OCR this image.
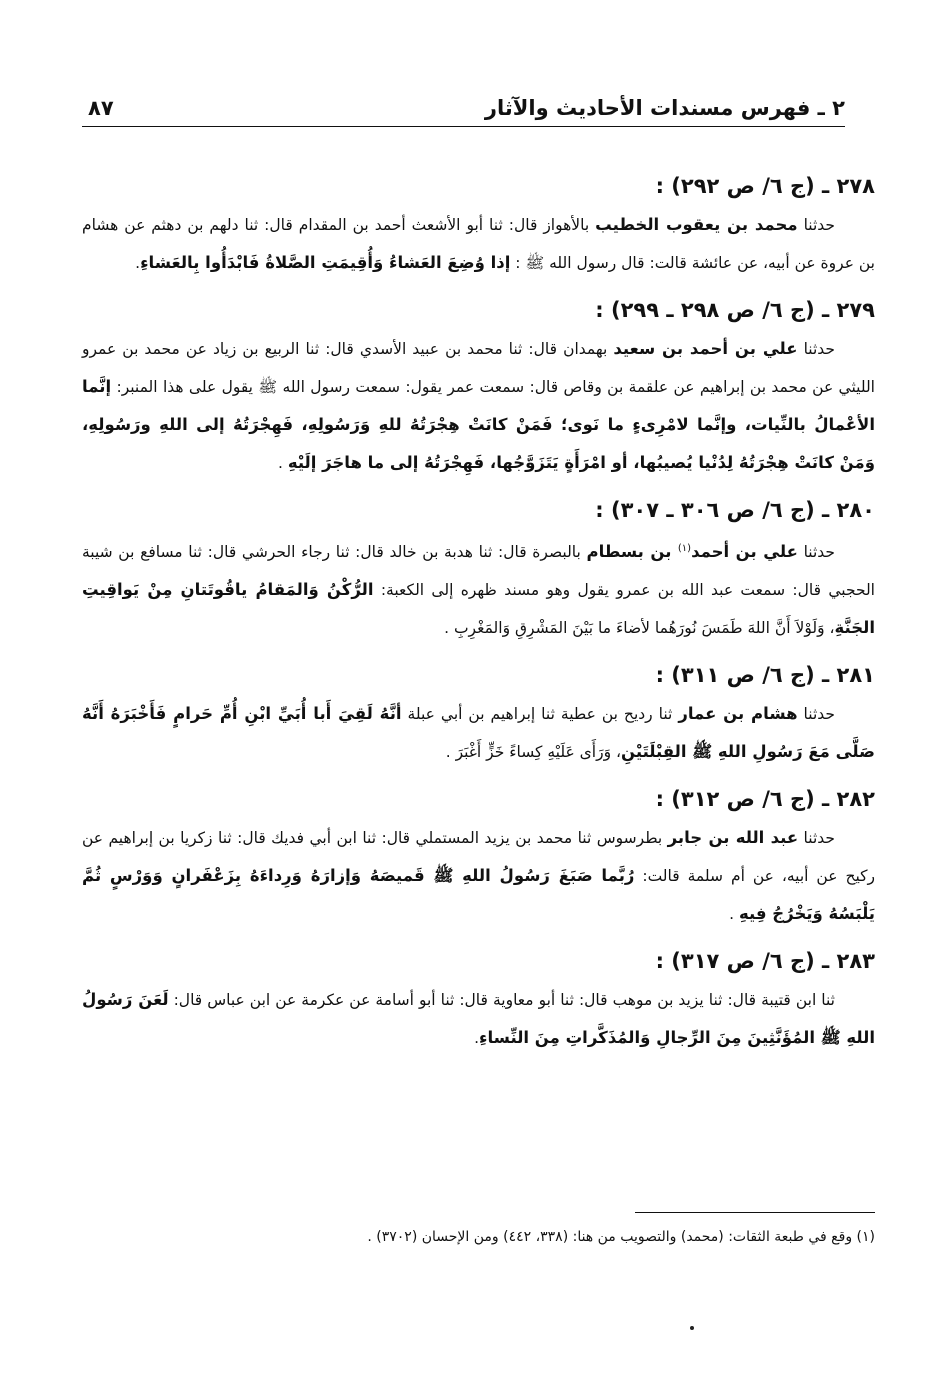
٢ ـ فهرس مسندات الأحاديث والآثار
٨٧

٢٧٨ ـ (ج ٦/ ص ٢٩٢) :

حدثنا محمد بن يعقوب الخطيب بالأهواز قال: ثنا أبو الأشعث أحمد بن المقدام قال: ثنا دلهم بن دهثم عن هشام بن عروة عن أبيه، عن عائشة قالت: قال رسول الله ﷺ : إذا وُضِعَ العَشاءُ وَأُقِيمَتِ الصَّلاةُ فَابْدَأُوا بِالعَشاءِ.

٢٧٩ ـ (ج ٦/ ص ٢٩٨ ـ ٢٩٩) :

حدثنا علي بن أحمد بن سعيد بهمدان قال: ثنا محمد بن عبيد الأسدي قال: ثنا الربيع بن زياد عن محمد بن عمرو الليثي عن محمد بن إبراهيم عن علقمة بن وقاص قال: سمعت عمر يقول: سمعت رسول الله ﷺ يقول على هذا المنبر: إنَّما الأعْمالُ بالنِّيات، وإنَّما لامْرِىءٍ ما نَوى؛ فَمَنْ كانَتْ هِجْرَتُهُ للهِ وَرَسُولِهِ، فَهِجْرَتُهُ إلى اللهِ ورَسُولِهِ، وَمَنْ كانَتْ هِجْرَتُهُ لِدُنْيا يُصيبُها، أو امْرَأَةٍ يَتَزَوَّجُها، فَهِجْرَتُهُ إلى ما هاجَرَ إلَيْهِ .

٢٨٠ ـ (ج ٦/ ص ٣٠٦ ـ ٣٠٧) :

حدثنا علي بن أحمد$^{(١)}$ بن بسطام بالبصرة قال: ثنا هدبة بن خالد قال: ثنا رجاء الحرشي قال: ثنا مسافع بن شيبة الحجبي قال: سمعت عبد الله بن عمرو يقول وهو مسند ظهره إلى الكعبة: الرُّكْنُ وَالمَقامُ ياقُوتَتانِ مِنْ يَواقِيتِ الجَنَّةِ، وَلَوْلاَ أَنَّ اللهَ طَمَسَ نُورَهُما لأضاءَ ما بَيْنَ المَشْرِقِ وَالمَغْرِبِ .

٢٨١ ـ (ج ٦/ ص ٣١١) :

حدثنا هشام بن عمار ثنا رديح بن عطية ثنا إبراهيم بن أبي عبلة أنَّهُ لَقِيَ أَبا أُبَيِّ ابْنِ أُمِّ حَرامٍ فَأَخْبَرَهُ أَنَّهُ صَلَّى مَعَ رَسُولِ اللهِ ﷺ القِبْلَتَيْنِ، وَرَأَى عَلَيْهِ كِساءً خَزٍّ أَغْبَرَ .

٢٨٢ ـ (ج ٦/ ص ٣١٢) :

حدثنا عبد الله بن جابر بطرسوس ثنا محمد بن يزيد المستملي قال: ثنا ابن أبي فديك قال: ثنا زكريا بن إبراهيم عن ركيح عن أبيه، عن أم سلمة قالت: رُبَّما صَبَغَ رَسُولُ اللهِ ﷺ قَميصَهُ وَإزارَهُ وَرِداءَهُ بِزَعْفَرانٍ وَوَرْسٍ ثُمَّ يَلْبَسُهُ وَيَخْرُجُ فِيهِ .

٢٨٣ ـ (ج ٦/ ص ٣١٧) :

ثنا ابن قتيبة قال: ثنا يزيد بن موهب قال: ثنا أبو معاوية قال: ثنا أبو أسامة عن عكرمة عن ابن عباس قال: لَعَنَ رَسُولُ اللهِ ﷺ المُؤَنَّثِينَ مِنَ الرِّجالِ وَالمُذَكَّراتِ مِنَ النِّساءِ.

(١) وقع في طبعة الثقات: (محمد) والتصويب من هنا: (٣٣٨، ٤٤٢) ومن الإحسان (٣٧٠٢) .
